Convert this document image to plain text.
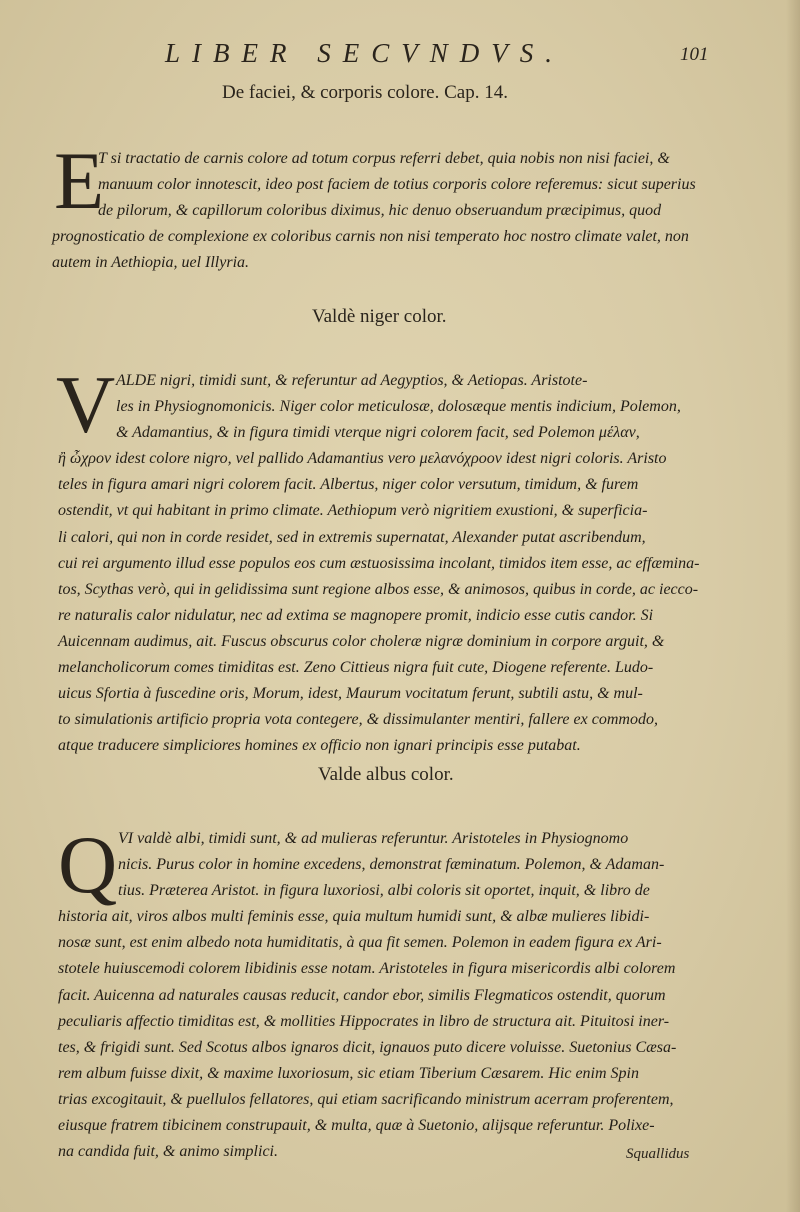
LIBER SECVNDVS.	101
De faciei, & corporis colore. Cap. 14.
E
T si tractatio de carnis colore ad totum corpus referri debet, quia nobis non nisi faciei, &
manuum color innotescit, ideo post faciem de totius corporis colore referemus: sicut superius
de pilorum, & capillorum coloribus diximus, hic denuo obseruandum præcipimus, quod
prognosticatio de complexione ex coloribus carnis non nisi temperato hoc nostro climate valet, non
autem in Aethiopia, uel Illyria.
Valdè niger color.
V ALDE nigri, timidi sunt, & referuntur ad Aegyptios, & Aetiopas. Aristote-
les in Physiognomonicis. Niger color meticulosæ, dolosæque mentis indicium, Polemon,
& Adamantius, & in figura timidi vterque nigri colorem facit, sed Polemon μέλαν,
ἢ ὦχρον idest colore nigro, vel pallido Adamantius vero μελανόχροον idest nigri coloris. Aristo
teles in figura amari nigri colorem facit. Albertus, niger color versutum, timidum, & furem
ostendit, vt qui habitant in primo climate. Aethiopum verò nigritiem exustioni, & superficia-
li calori, qui non in corde residet, sed in extremis supernatat, Alexander putat ascribendum,
cui rei argumento illud esse populos eos cum æstuosissima incolant, timidos item esse, ac effæmina-
tos, Scythas verò, qui in gelidissima sunt regione albos esse, & animosos, quibus in corde, ac iecco-
re naturalis calor nidulatur, nec ad extima se magnopere promit, indicio esse cutis candor. Si
Auicennam audimus, ait. Fuscus obscurus color choleræ nigræ dominium in corpore arguit, &
melancholicorum comes timiditas est. Zeno Cittieus nigra fuit cute, Diogene referente. Ludo-
uicus Sfortia à fuscedine oris, Morum, idest, Maurum vocitatum ferunt, subtili astu, & mul-
to simulationis artificio propria vota contegere, & dissimulanter mentiri, fallere ex commodo,
atque traducere simpliciores homines ex officio non ignari principis esse putabat.
Valde albus color.
Q VI valdè albi, timidi sunt, & ad mulieras referuntur. Aristoteles in Physiognomo
nicis. Purus color in homine excedens, demonstrat fæminatum. Polemon, & Adaman-
tius. Præterea Aristot. in figura luxoriosi, albi coloris sit oportet, inquit, & libro de
historia ait, viros albos multi feminis esse, quia multum humidi sunt, & albæ mulieres libidi-
nosæ sunt, est enim albedo nota humiditatis, à qua fit semen. Polemon in eadem figura ex Ari-
stotele huiuscemodi colorem libidinis esse notam. Aristoteles in figura misericordis albi colorem
facit. Auicenna ad naturales causas reducit, candor ebor, similis Flegmaticos ostendit, quorum
peculiaris affectio timiditas est, & mollities Hippocrates in libro de structura ait. Pituitosi iner-
tes, & frigidi sunt. Sed Scotus albos ignaros dicit, ignauos puto dicere voluisse. Suetonius Cæsa-
rem album fuisse dixit, & maxime luxoriosum, sic etiam Tiberium Cæsarem. Hic enim Spin
trias excogitauit, & puellulos fellatores, qui etiam sacrificando ministrum acerram proferentem,
eiusque fratrem tibicinem construpauit, & multa, quæ à Suetonio, alijsque referuntur. Polixe-
na candida fuit, & animo simplici.	Squallidus
